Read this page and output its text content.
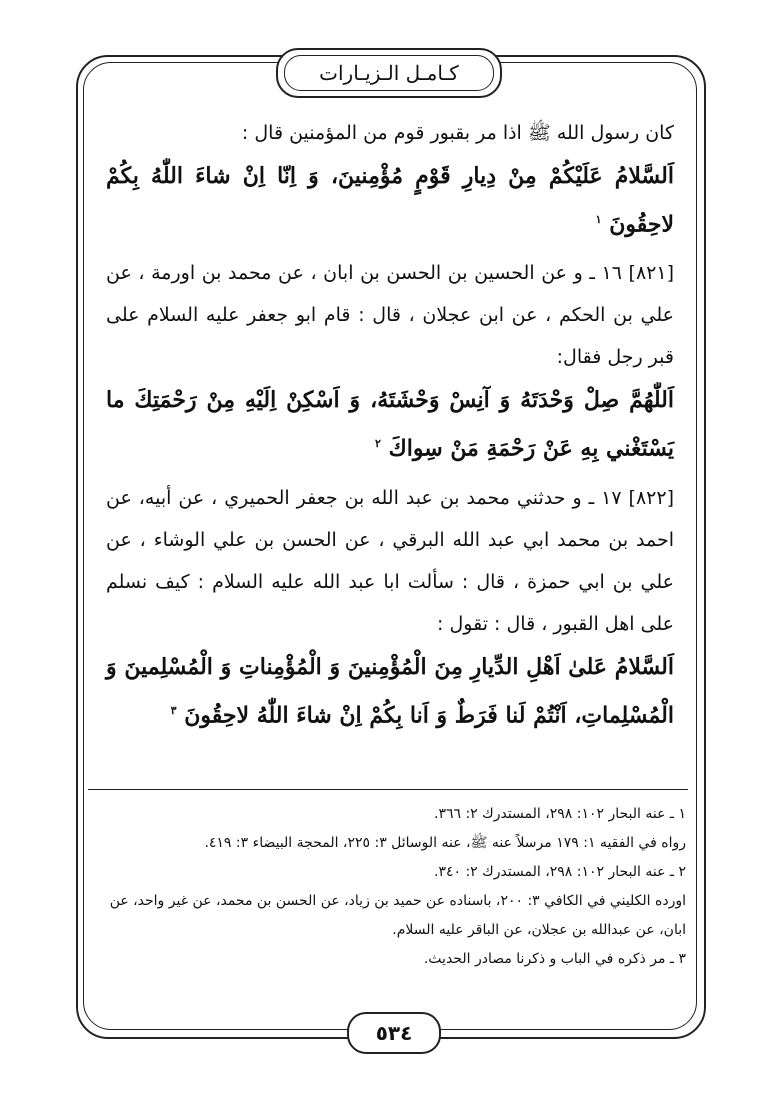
كـامـل الـزيـارات

كان رسول الله ﷺ اذا مر بقبور قوم من المؤمنين قال :

اَلسَّلامُ عَلَيْكُمْ مِنْ دِيارِ قَوْمٍ مُؤْمِنينَ، وَ اِنّا اِنْ شاءَ اللّٰهُ بِكُمْ لاحِقُونَ $^١$

[٨٢١] ١٦ ـ و عن الحسين بن الحسن بن ابان ، عن محمد بن اورمة ، عن علي بن الحكم ، عن ابن عجلان ، قال : قام ابو جعفر عليه السلام على قبر رجل فقال:

اَللّٰهُمَّ صِلْ وَحْدَتَهُ وَ آنِسْ وَحْشَتَهُ، وَ اَسْكِنْ اِلَيْهِ مِنْ رَحْمَتِكَ ما يَسْتَغْني بِهِ عَنْ رَحْمَةِ مَنْ سِواكَ $^٢$

[٨٢٢] ١٧ ـ و حدثني محمد بن عبد الله بن جعفر الحميري ، عن أبيه، عن احمد بن محمد ابي عبد الله البرقي ، عن الحسن بن علي الوشاء ، عن علي بن ابي حمزة ، قال : سألت ابا عبد الله عليه السلام : كيف نسلم على اهل القبور ، قال : تقول :

اَلسَّلامُ عَلىٰ اَهْلِ الدِّيارِ مِنَ الْمُؤْمِنينَ وَ الْمُؤْمِناتِ وَ الْمُسْلِمينَ وَ الْمُسْلِماتِ، اَنْتُمْ لَنا فَرَطٌ وَ اَنا بِكُمْ اِنْ شاءَ اللّٰهُ لاحِقُونَ $^٣$

١ ـ عنه البحار ١٠٢: ٢٩٨، المستدرك ٢: ٣٦٦.

رواه في الفقيه ١: ١٧٩ مرسلاً عنه ﷺ، عنه الوسائل ٣: ٢٢٥، المحجة البيضاء ٣: ٤١٩.

٢ ـ عنه البحار ١٠٢: ٢٩٨، المستدرك ٢: ٣٤٠.

اورده الكليني في الكافي ٣: ٢٠٠، باسناده عن حميد بن زياد، عن الحسن بن محمد، عن غير واحد، عن ابان، عن عبدالله بن عجلان، عن الباقر عليه السلام.

٣ ـ مر ذكره في الباب و ذكرنا مصادر الحديث.

٥٣٤
